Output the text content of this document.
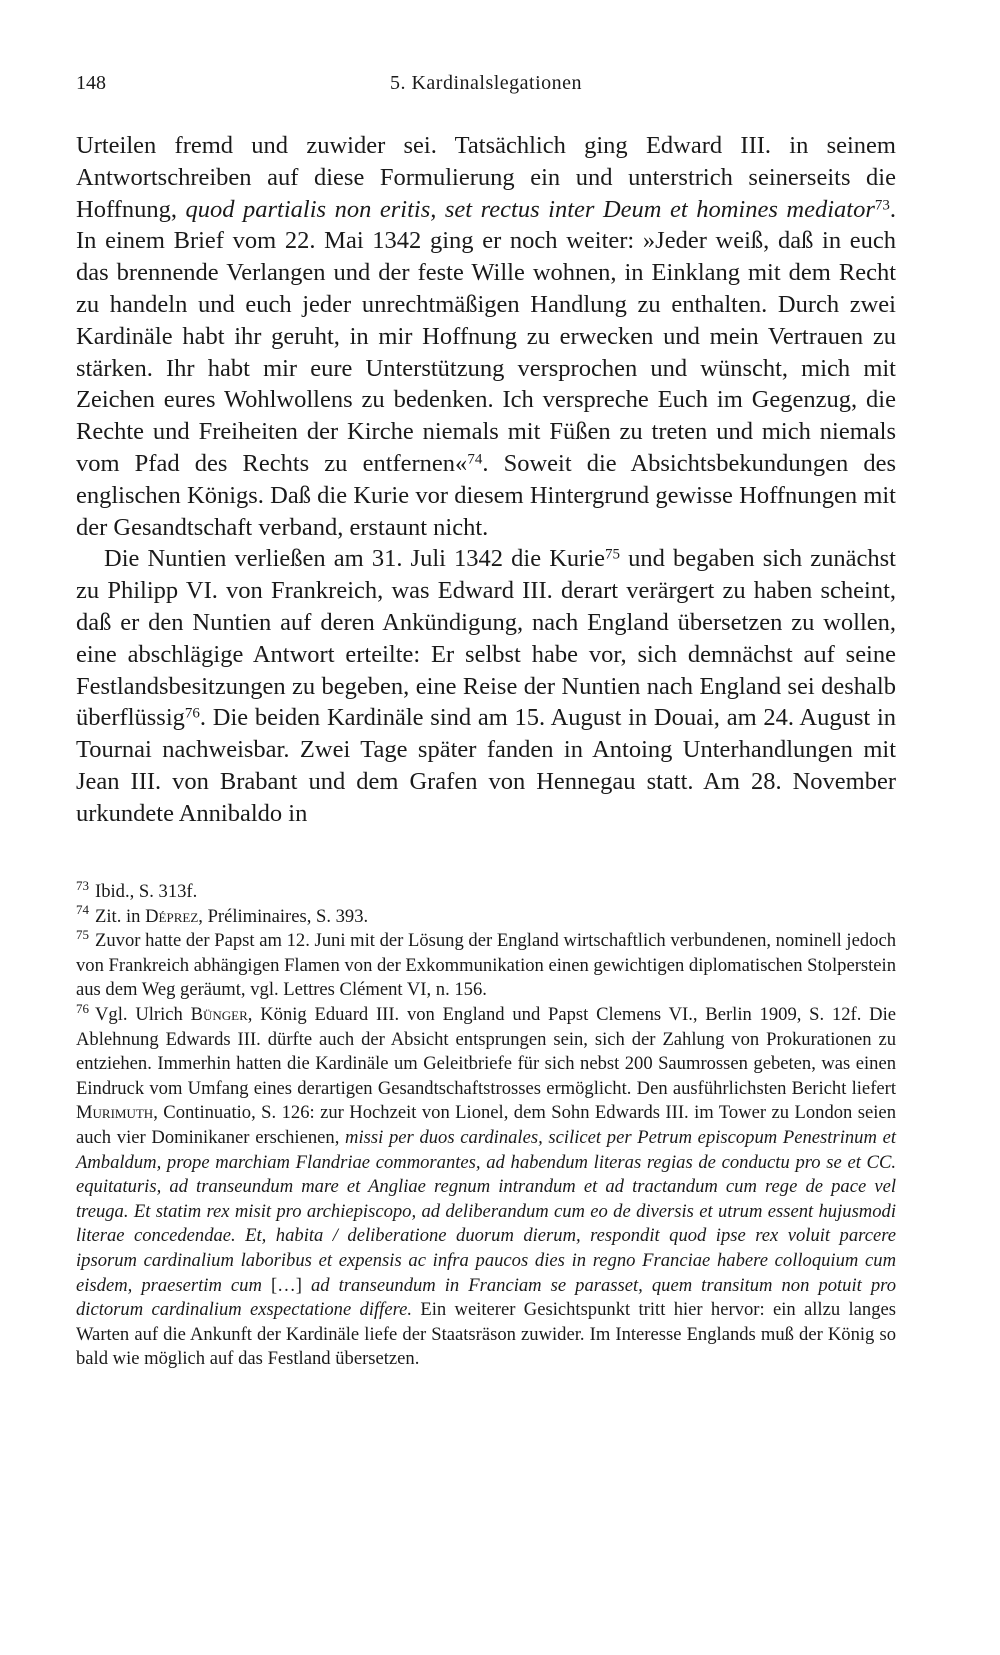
148	5. Kardinalslegationen

Urteilen fremd und zuwider sei. Tatsächlich ging Edward III. in seinem Antwortschreiben auf diese Formulierung ein und unterstrich seinerseits die Hoffnung, quod partialis non eritis, set rectus inter Deum et homines mediator$^{73}$. In einem Brief vom 22. Mai 1342 ging er noch weiter: »Jeder weiß, daß in euch das brennende Verlangen und der feste Wille wohnen, in Einklang mit dem Recht zu handeln und euch jeder unrechtmäßigen Handlung zu enthalten. Durch zwei Kardinäle habt ihr geruht, in mir Hoffnung zu erwecken und mein Vertrauen zu stärken. Ihr habt mir eure Unterstützung versprochen und wünscht, mich mit Zeichen eures Wohlwollens zu bedenken. Ich verspreche Euch im Gegenzug, die Rechte und Freiheiten der Kirche niemals mit Füßen zu treten und mich niemals vom Pfad des Rechts zu entfernen«$^{74}$. Soweit die Absichtsbekundungen des englischen Königs. Daß die Kurie vor diesem Hintergrund gewisse Hoffnungen mit der Gesandtschaft verband, erstaunt nicht.

Die Nuntien verließen am 31. Juli 1342 die Kurie$^{75}$ und begaben sich zunächst zu Philipp VI. von Frankreich, was Edward III. derart verärgert zu haben scheint, daß er den Nuntien auf deren Ankündigung, nach England übersetzen zu wollen, eine abschlägige Antwort erteilte: Er selbst habe vor, sich demnächst auf seine Festlandsbesitzungen zu begeben, eine Reise der Nuntien nach England sei deshalb überflüssig$^{76}$. Die beiden Kardinäle sind am 15. August in Douai, am 24. August in Tournai nachweisbar. Zwei Tage später fanden in Antoing Unterhandlungen mit Jean III. von Brabant und dem Grafen von Hennegau statt. Am 28. November urkundete Annibaldo in

$^{73}$ Ibid., S. 313f.

$^{74}$ Zit. in Déprez, Préliminaires, S. 393.

$^{75}$ Zuvor hatte der Papst am 12. Juni mit der Lösung der England wirtschaftlich verbundenen, nominell jedoch von Frankreich abhängigen Flamen von der Exkommunikation einen gewichtigen diplomatischen Stolperstein aus dem Weg geräumt, vgl. Lettres Clément VI, n. 156.

$^{76}$ Vgl. Ulrich Bünger, König Eduard III. von England und Papst Clemens VI., Berlin 1909, S. 12f. Die Ablehnung Edwards III. dürfte auch der Absicht entsprungen sein, sich der Zahlung von Prokurationen zu entziehen. Immerhin hatten die Kardinäle um Geleitbriefe für sich nebst 200 Saumrossen gebeten, was einen Eindruck vom Umfang eines derartigen Gesandtschaftstrosses ermöglicht. Den ausführlichsten Bericht liefert Murimuth, Continuatio, S. 126: zur Hochzeit von Lionel, dem Sohn Edwards III. im Tower zu London seien auch vier Dominikaner erschienen, missi per duos cardinales, scilicet per Petrum episcopum Penestrinum et Ambaldum, prope marchiam Flandriae commorantes, ad habendum literas regias de conductu pro se et CC. equitaturis, ad transeundum mare et Angliae regnum intrandum et ad tractandum cum rege de pace vel treuga. Et statim rex misit pro archiepiscopo, ad deliberandum cum eo de diversis et utrum essent hujusmodi literae concedendae. Et, habita / deliberatione duorum dierum, respondit quod ipse rex voluit parcere ipsorum cardinalium laboribus et expensis ac infra paucos dies in regno Franciae habere colloquium cum eisdem, praesertim cum […] ad transeundum in Franciam se parasset, quem transitum non potuit pro dictorum cardinalium exspectatione differe. Ein weiterer Gesichtspunkt tritt hier hervor: ein allzu langes Warten auf die Ankunft der Kardinäle liefe der Staatsräson zuwider. Im Interesse Englands muß der König so bald wie möglich auf das Festland übersetzen.
